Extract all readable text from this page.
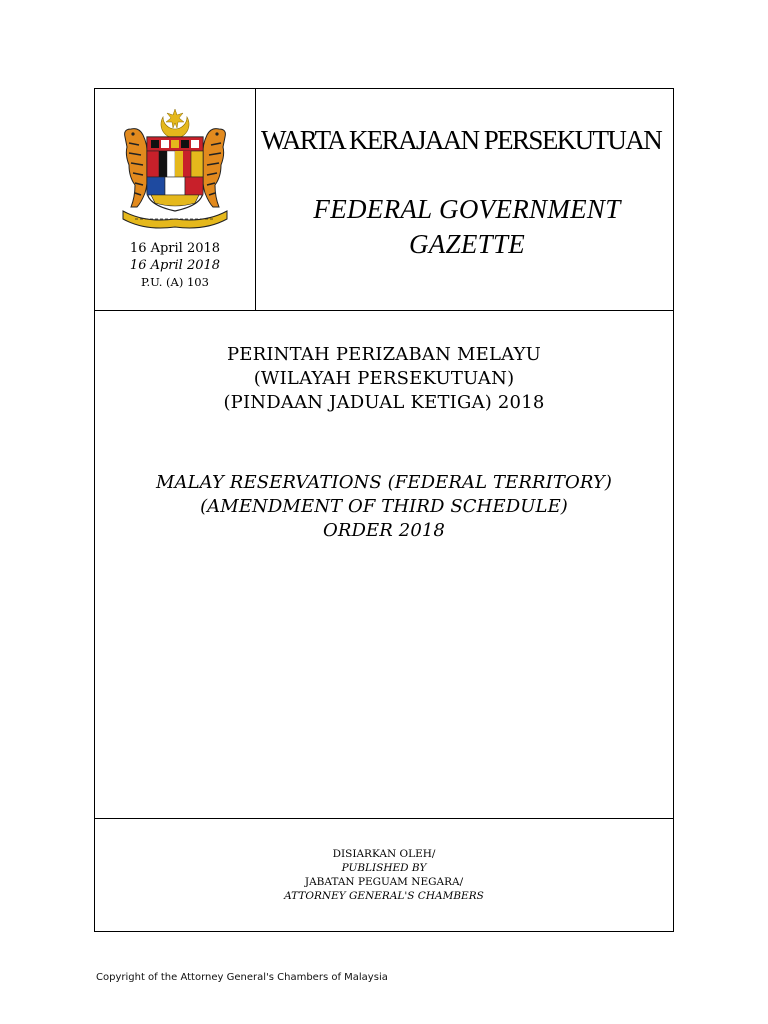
16 April 2018
16 April 2018
P.U. (A) 103
WARTA KERAJAAN PERSEKUTUAN
FEDERAL GOVERNMENT
GAZETTE
PERINTAH PERIZABAN MELAYU
(WILAYAH PERSEKUTUAN)
(PINDAAN JADUAL KETIGA) 2018
MALAY RESERVATIONS (FEDERAL TERRITORY)
(AMENDMENT OF THIRD SCHEDULE)
ORDER 2018
DISIARKAN OLEH/
PUBLISHED BY
JABATAN PEGUAM NEGARA/
ATTORNEY GENERAL'S CHAMBERS
Copyright of the Attorney General's Chambers of Malaysia
